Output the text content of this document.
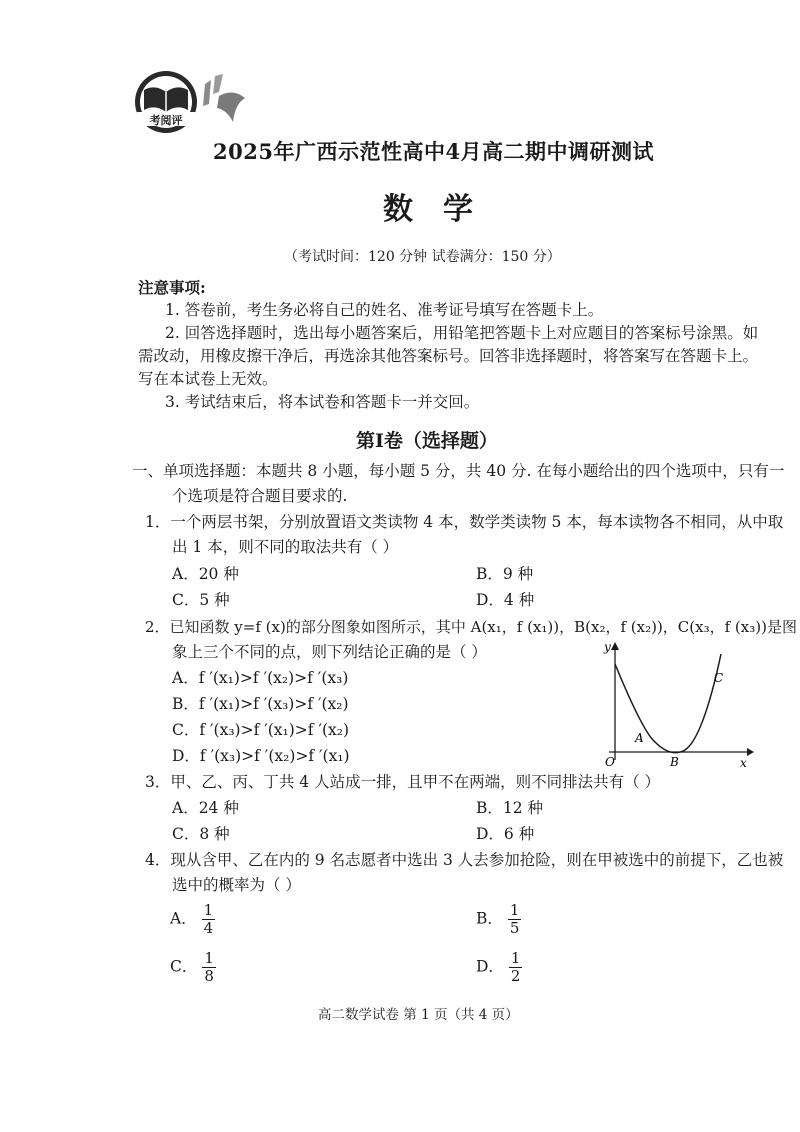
考阅评
2025年广西示范性高中4月高二期中调研测试
数学
（考试时间：120 分钟 试卷满分：150 分）
注意事项:
1. 答卷前，考生务必将自己的姓名、准考证号填写在答题卡上。
2. 回答选择题时，选出每小题答案后，用铅笔把答题卡上对应题目的答案标号涂黑。如
需改动，用橡皮擦干净后，再选涂其他答案标号。回答非选择题时，将答案写在答题卡上。
写在本试卷上无效。
3. 考试结束后，将本试卷和答题卡一并交回。
第Ⅰ卷（选择题）
一、单项选择题：本题共 8 小题，每小题 5 分，共 40 分. 在每小题给出的四个选项中，只有一
个选项是符合题目要求的.
1．一个两层书架，分别放置语文类读物 4 本，数学类读物 5 本，每本读物各不相同，从中取
出 1 本，则不同的取法共有（ ）
A．20 种	B．9 种
C．5 种	D．4 种
2．已知函数 y=f (x)的部分图象如图所示，其中 A(x₁，f (x₁))，B(x₂，f (x₂))，C(x₃，f (x₃))是图
象上三个不同的点，则下列结论正确的是（ ）
A．f ′(x₁)>f ′(x₂)>f ′(x₃)
B．f ′(x₁)>f ′(x₃)>f ′(x₂)
C．f ′(x₃)>f ′(x₁)>f ′(x₂)
D．f ′(x₃)>f ′(x₂)>f ′(x₁)
y
x
O
A
B
C
3．甲、乙、丙、丁共 4 人站成一排，且甲不在两端，则不同排法共有（ ）
A．24 种	B．12 种
C．8 种	D．6 种
4．现从含甲、乙在内的 9 名志愿者中选出 3 人去参加抢险，则在甲被选中的前提下，乙也被
选中的概率为（ ）
A． $\frac{1}{4}$	B． $\frac{1}{5}$
C． $\frac{1}{8}$	D． $\frac{1}{2}$
高二数学试卷 第 1 页（共 4 页）
